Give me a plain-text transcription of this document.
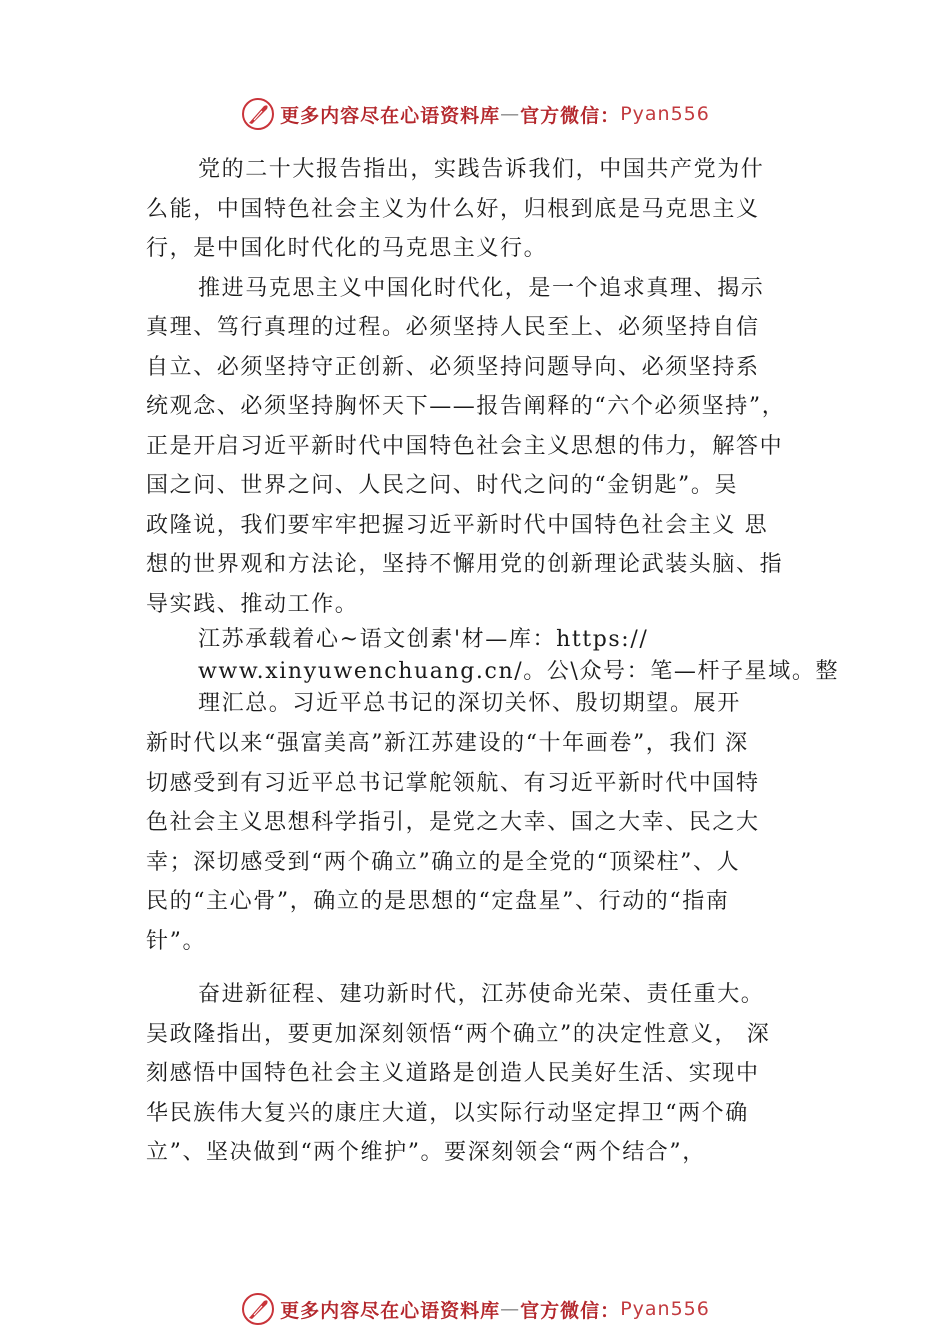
更多内容尽在心语资料库 — 官方微信： Pyan556
党的二十大报告指出，实践告诉我们，中国共产党为什
么能，中国特色社会主义为什么好，归根到底是马克思主义
行，是中国化时代化的马克思主义行。
推进马克思主义中国化时代化，是一个追求真理、揭示
真理、笃行真理的过程。必须坚持人民至上、必须坚持自信
自立、必须坚持守正创新、必须坚持问题导向、必须坚持系
统观念、必须坚持胸怀天下——报告阐释的“六个必须坚持”，
正是开启习近平新时代中国特色社会主义思想的伟力，解答中
国之问、世界之问、人民之问、时代之问的“金钥匙”。吴
政隆说，我们要牢牢把握习近平新时代中国特色社会主义 思
想的世界观和方法论，坚持不懈用党的创新理论武装头脑、指
导实践、推动工作。
江苏承载着心~语文创素'材—库：https://
www.xinyuwenchuang.cn/。公\众号：笔—杆子星域。整
理汇总。习近平总书记的深切关怀、殷切期望。展开
新时代以来“强富美高”新江苏建设的“十年画卷”，我们 深
切感受到有习近平总书记掌舵领航、有习近平新时代中国特
色社会主义思想科学指引，是党之大幸、国之大幸、民之大
幸；深切感受到“两个确立”确立的是全党的“顶梁柱”、人
民的“主心骨”，确立的是思想的“定盘星”、行动的“指南
针”。
奋进新征程、建功新时代，江苏使命光荣、责任重大。
吴政隆指出，要更加深刻领悟“两个确立”的决定性意义， 深
刻感悟中国特色社会主义道路是创造人民美好生活、实现中
华民族伟大复兴的康庄大道，以实际行动坚定捍卫“两个确
立”、坚决做到“两个维护”。要深刻领会“两个结合”，
更多内容尽在心语资料库 — 官方微信： Pyan556
